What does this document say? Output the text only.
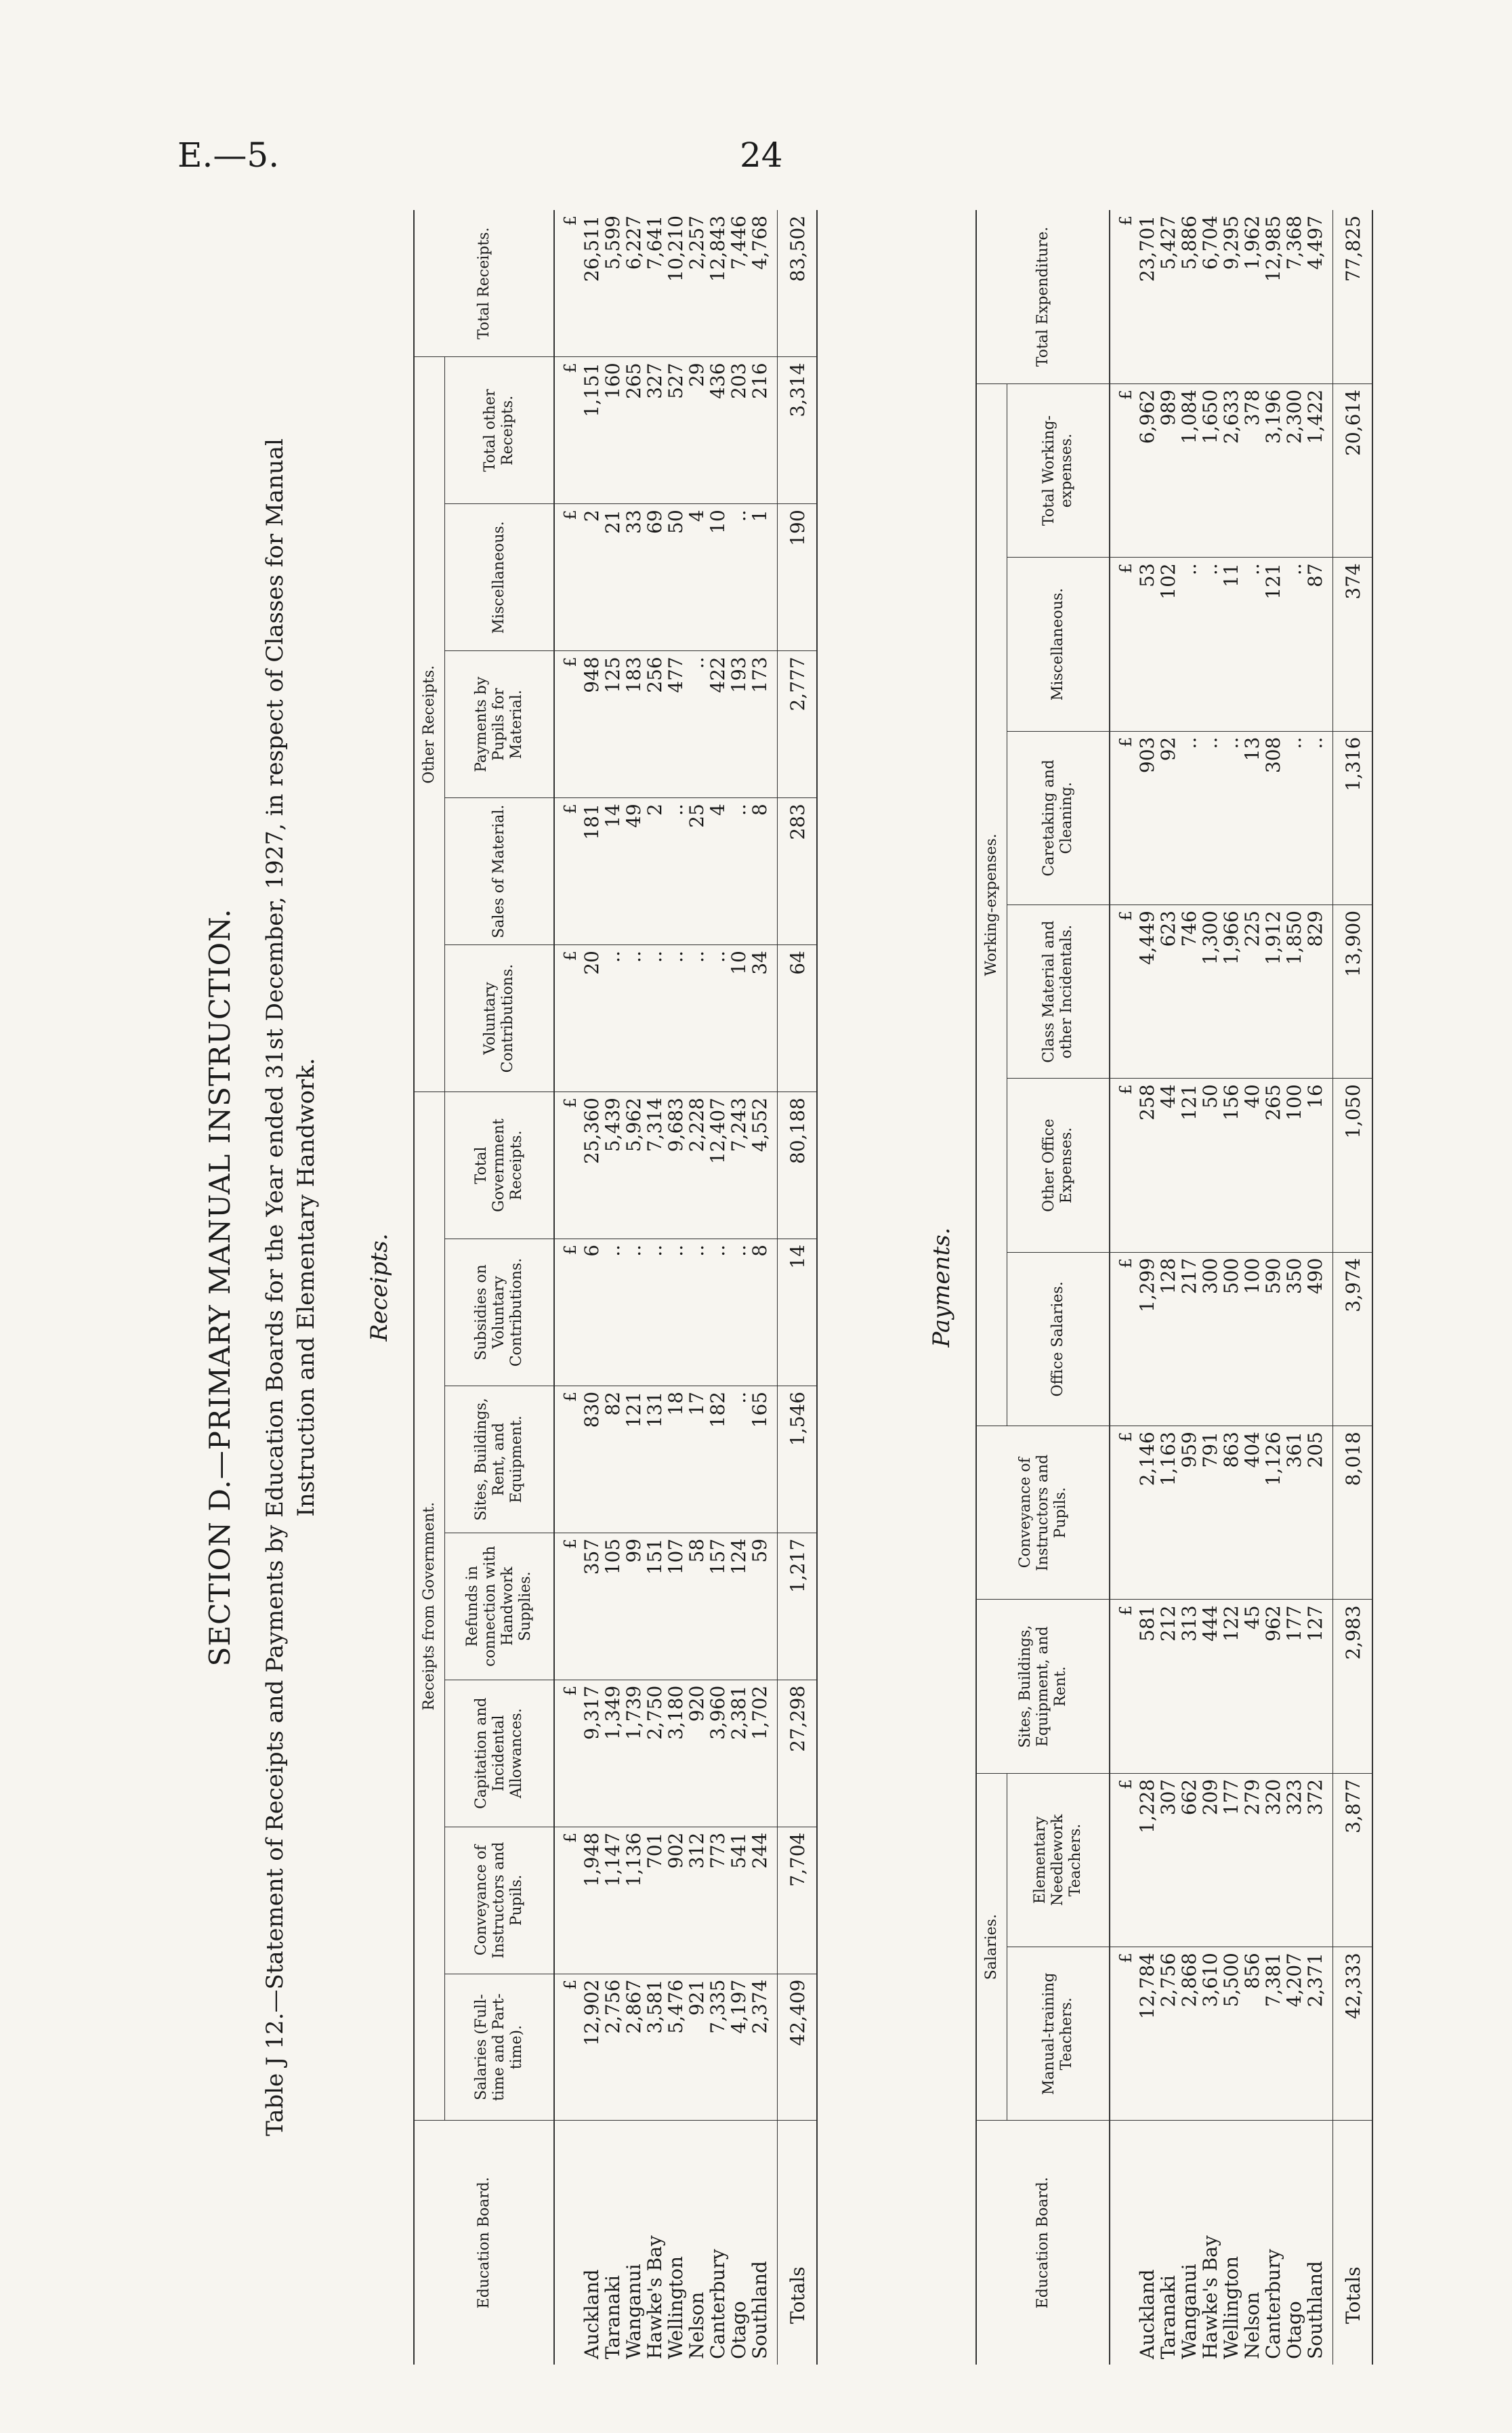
E.—5.	24
SECTION D.—PRIMARY MANUAL INSTRUCTION. Table J 12.—Statement of Receipts and Payments by Education Boards for the Year ended 31st December, 1927, in respect of Classes for Manual Instruction and Elementary Handwork. Receipts.
Education Board.	Receipts from Government.							Other Receipts.					Total Receipts.
	Salaries (Full-time and Part-time).	Conveyance of Instructors and Pupils.	Capitation and Incidental Allowances.	Refunds in connection with Handwork Supplies.	Sites, Buildings, Rent, and Equipment.	Subsidies on Voluntary Contributions.	Total Government Receipts.	Voluntary Contributions.	Sales of Material.	Payments by Pupils for Material.	Miscellaneous.	Total other Receipts.	
	£	£	£	£	£	£	£	£	£	£	£	£	£
Auckland	12,902	1,948	9,317	357	830	6	25,360	20	181	948	2	1,151	26,511
Taranaki	2,756	1,147	1,349	105	82	..	5,439	..	14	125	21	160	5,599
Wanganui	2,867	1,136	1,739	99	121	..	5,962	..	49	183	33	265	6,227
Hawke's Bay	3,581	701	2,750	151	131	..	7,314	..	2	256	69	327	7,641
Wellington	5,476	902	3,180	107	18	..	9,683	..	..	477	50	527	10,210
Nelson	921	312	920	58	17	..	2,228	..	25	..	4	29	2,257
Canterbury	7,335	773	3,960	157	182	..	12,407	..	4	422	10	436	12,843
Otago	4,197	541	2,381	124	..	..	7,243	10	..	193	..	203	7,446
Southland	2,374	244	1,702	59	165	8	4,552	34	8	173	1	216	4,768
Totals	42,409	7,704	27,298	1,217	1,546	14	80,188	64	283	2,777	190	3,314	83,502
Payments.
Education Board.	Salaries.		Sites, Buildings, Equipment, and Rent.	Conveyance of Instructors and Pupils.	Working-expenses.						Total Expenditure.
	Manual-training Teachers.	Elementary Needlework Teachers.			Office Salaries.	Other Office Expenses.	Class Material and other Incidentals.	Caretaking and Cleaning.	Miscellaneous.	Total Working-expenses.	
	£	£	£	£	£	£	£	£	£	£	£
Auckland	12,784	1,228	581	2,146	1,299	258	4,449	903	53	6,962	23,701
Taranaki	2,756	307	212	1,163	128	44	623	92	102	989	5,427
Wanganui	2,868	662	313	959	217	121	746	..	..	1,084	5,886
Hawke's Bay	3,610	209	444	791	300	50	1,300	..	..	1,650	6,704
Wellington	5,500	177	122	863	500	156	1,966	..	11	2,633	9,295
Nelson	856	279	45	404	100	40	225	13	..	378	1,962
Canterbury	7,381	320	962	1,126	590	265	1,912	308	121	3,196	12,985
Otago	4,207	323	177	361	350	100	1,850	..	..	2,300	7,368
Southland	2,371	372	127	205	490	16	829	..	87	1,422	4,497
Totals	42,333	3,877	2,983	8,018	3,974	1,050	13,900	1,316	374	20,614	77,825
